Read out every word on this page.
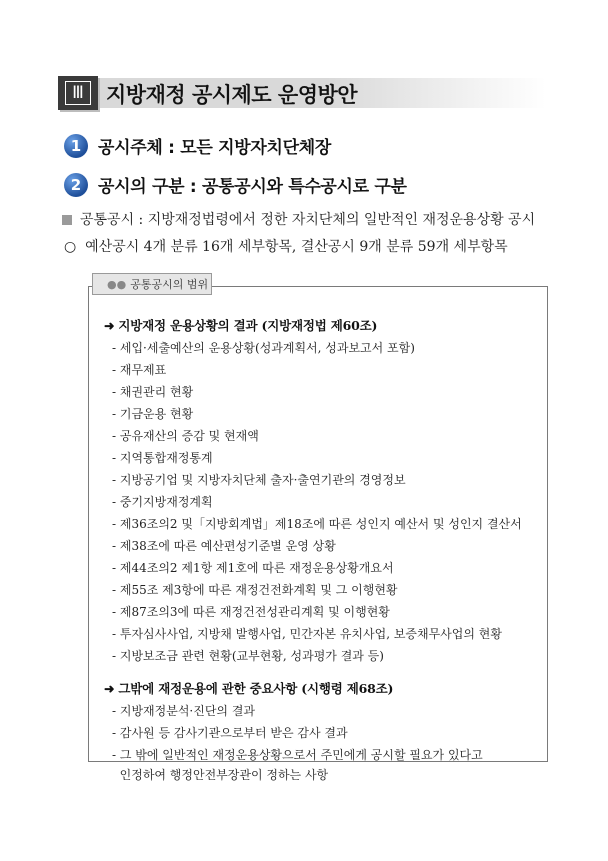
Ⅲ	지방재정 공시제도 운영방안
1 공시주체 : 모든 지방자치단체장
2 공시의 구분 : 공통공시와 특수공시로 구분
공통공시 : 지방재정법령에서 정한 자치단체의 일반적인 재정운용상황 공시
○ 예산공시 4개 분류 16개 세부항목, 결산공시 9개 분류 59개 세부항목
●● 공통공시의 범위
➜ 지방재정 운용상황의 결과 (지방재정법 제60조)
- 세입·세출예산의 운용상황(성과계획서, 성과보고서 포함)
- 재무제표
- 채권관리 현황
- 기금운용 현황
- 공유재산의 증감 및 현재액
- 지역통합재정통계
- 지방공기업 및 지방자치단체 출자·출연기관의 경영정보
- 중기지방재정계획
- 제36조의2 및「지방회계법」제18조에 따른 성인지 예산서 및 성인지 결산서
- 제38조에 따른 예산편성기준별 운영 상황
- 제44조의2 제1항 제1호에 따른 재정운용상황개요서
- 제55조 제3항에 따른 재정건전화계획 및 그 이행현황
- 제87조의3에 따른 재정건전성관리계획 및 이행현황
- 투자심사사업, 지방채 발행사업, 민간자본 유치사업, 보증채무사업의 현황
- 지방보조금 관련 현황(교부현황, 성과평가 결과 등)
➜ 그밖에 재정운용에 관한 중요사항 (시행령 제68조)
- 지방재정분석·진단의 결과
- 감사원 등 감사기관으로부터 받은 감사 결과
- 그 밖에 일반적인 재정운용상황으로서 주민에게 공시할 필요가 있다고
인정하여 행정안전부장관이 정하는 사항
